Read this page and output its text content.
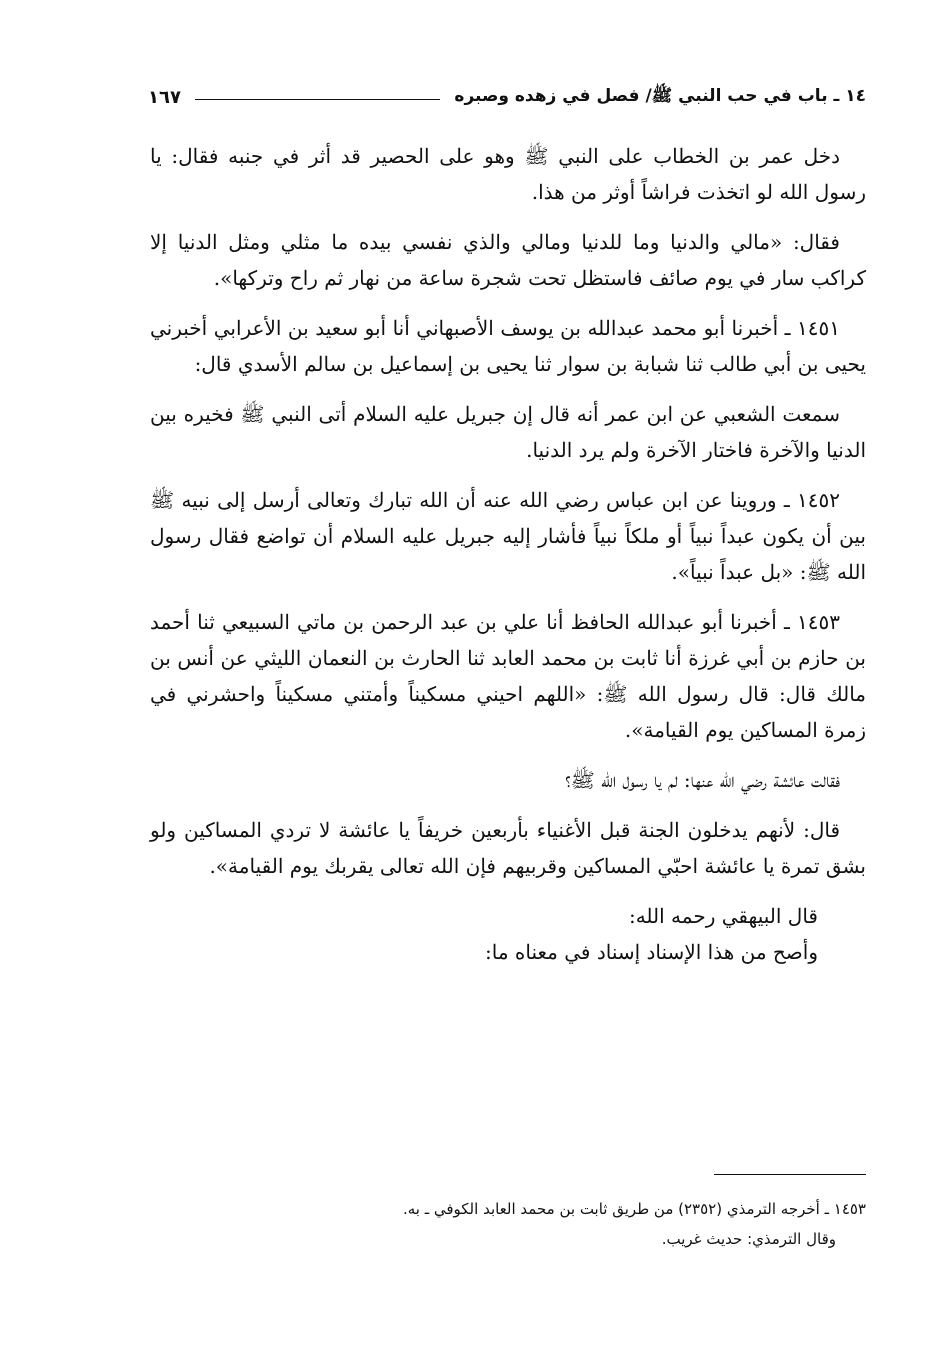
١٤ ـ باب في حب النبي ﷺ/ فصل في زهده وصبره
١٦٧

دخل عمر بن الخطاب على النبي ﷺ وهو على الحصير قد أثر في جنبه فقال: يا رسول الله لو اتخذت فراشاً أوثر من هذا.

فقال: «مالي والدنيا وما للدنيا ومالي والذي نفسي بيده ما مثلي ومثل الدنيا إلا كراكب سار في يوم صائف فاستظل تحت شجرة ساعة من نهار ثم راح وتركها».

١٤٥١ ـ أخبرنا أبو محمد عبدالله بن يوسف الأصبهاني أنا أبو سعيد بن الأعرابي أخبرني يحيى بن أبي طالب ثنا شبابة بن سوار ثنا يحيى بن إسماعيل بن سالم الأسدي قال:

سمعت الشعبي عن ابن عمر أنه قال إن جبريل عليه السلام أتى النبي ﷺ فخيره بين الدنيا والآخرة فاختار الآخرة ولم يرد الدنيا.

١٤٥٢ ـ وروينا عن ابن عباس رضي الله عنه أن الله تبارك وتعالى أرسل إلى نبيه ﷺ بين أن يكون عبداً نبياً أو ملكاً نبياً فأشار إليه جبريل عليه السلام أن تواضع فقال رسول الله ﷺ: «بل عبداً نبياً».

١٤٥٣ ـ أخبرنا أبو عبدالله الحافظ أنا علي بن عبد الرحمن بن ماتي السبيعي ثنا أحمد بن حازم بن أبي غرزة أنا ثابت بن محمد العابد ثنا الحارث بن النعمان الليثي عن أنس بن مالك قال: قال رسول الله ﷺ: «اللهم احيني مسكيناً وأمتني مسكيناً واحشرني في زمرة المساكين يوم القيامة».

فقالت عائشة رضي الله عنها: لم يا رسول الله ﷺ؟

قال: لأنهم يدخلون الجنة قبل الأغنياء بأربعين خريفاً يا عائشة لا تردي المساكين ولو بشق تمرة يا عائشة احبّي المساكين وقربيهم فإن الله تعالى يقربك يوم القيامة».

قال البيهقي رحمه الله:

وأصح من هذا الإسناد إسناد في معناه ما:

١٤٥٣ ـ أخرجه الترمذي (٢٣٥٢) من طريق ثابت بن محمد العابد الكوفي ـ به.

وقال الترمذي: حديث غريب.
